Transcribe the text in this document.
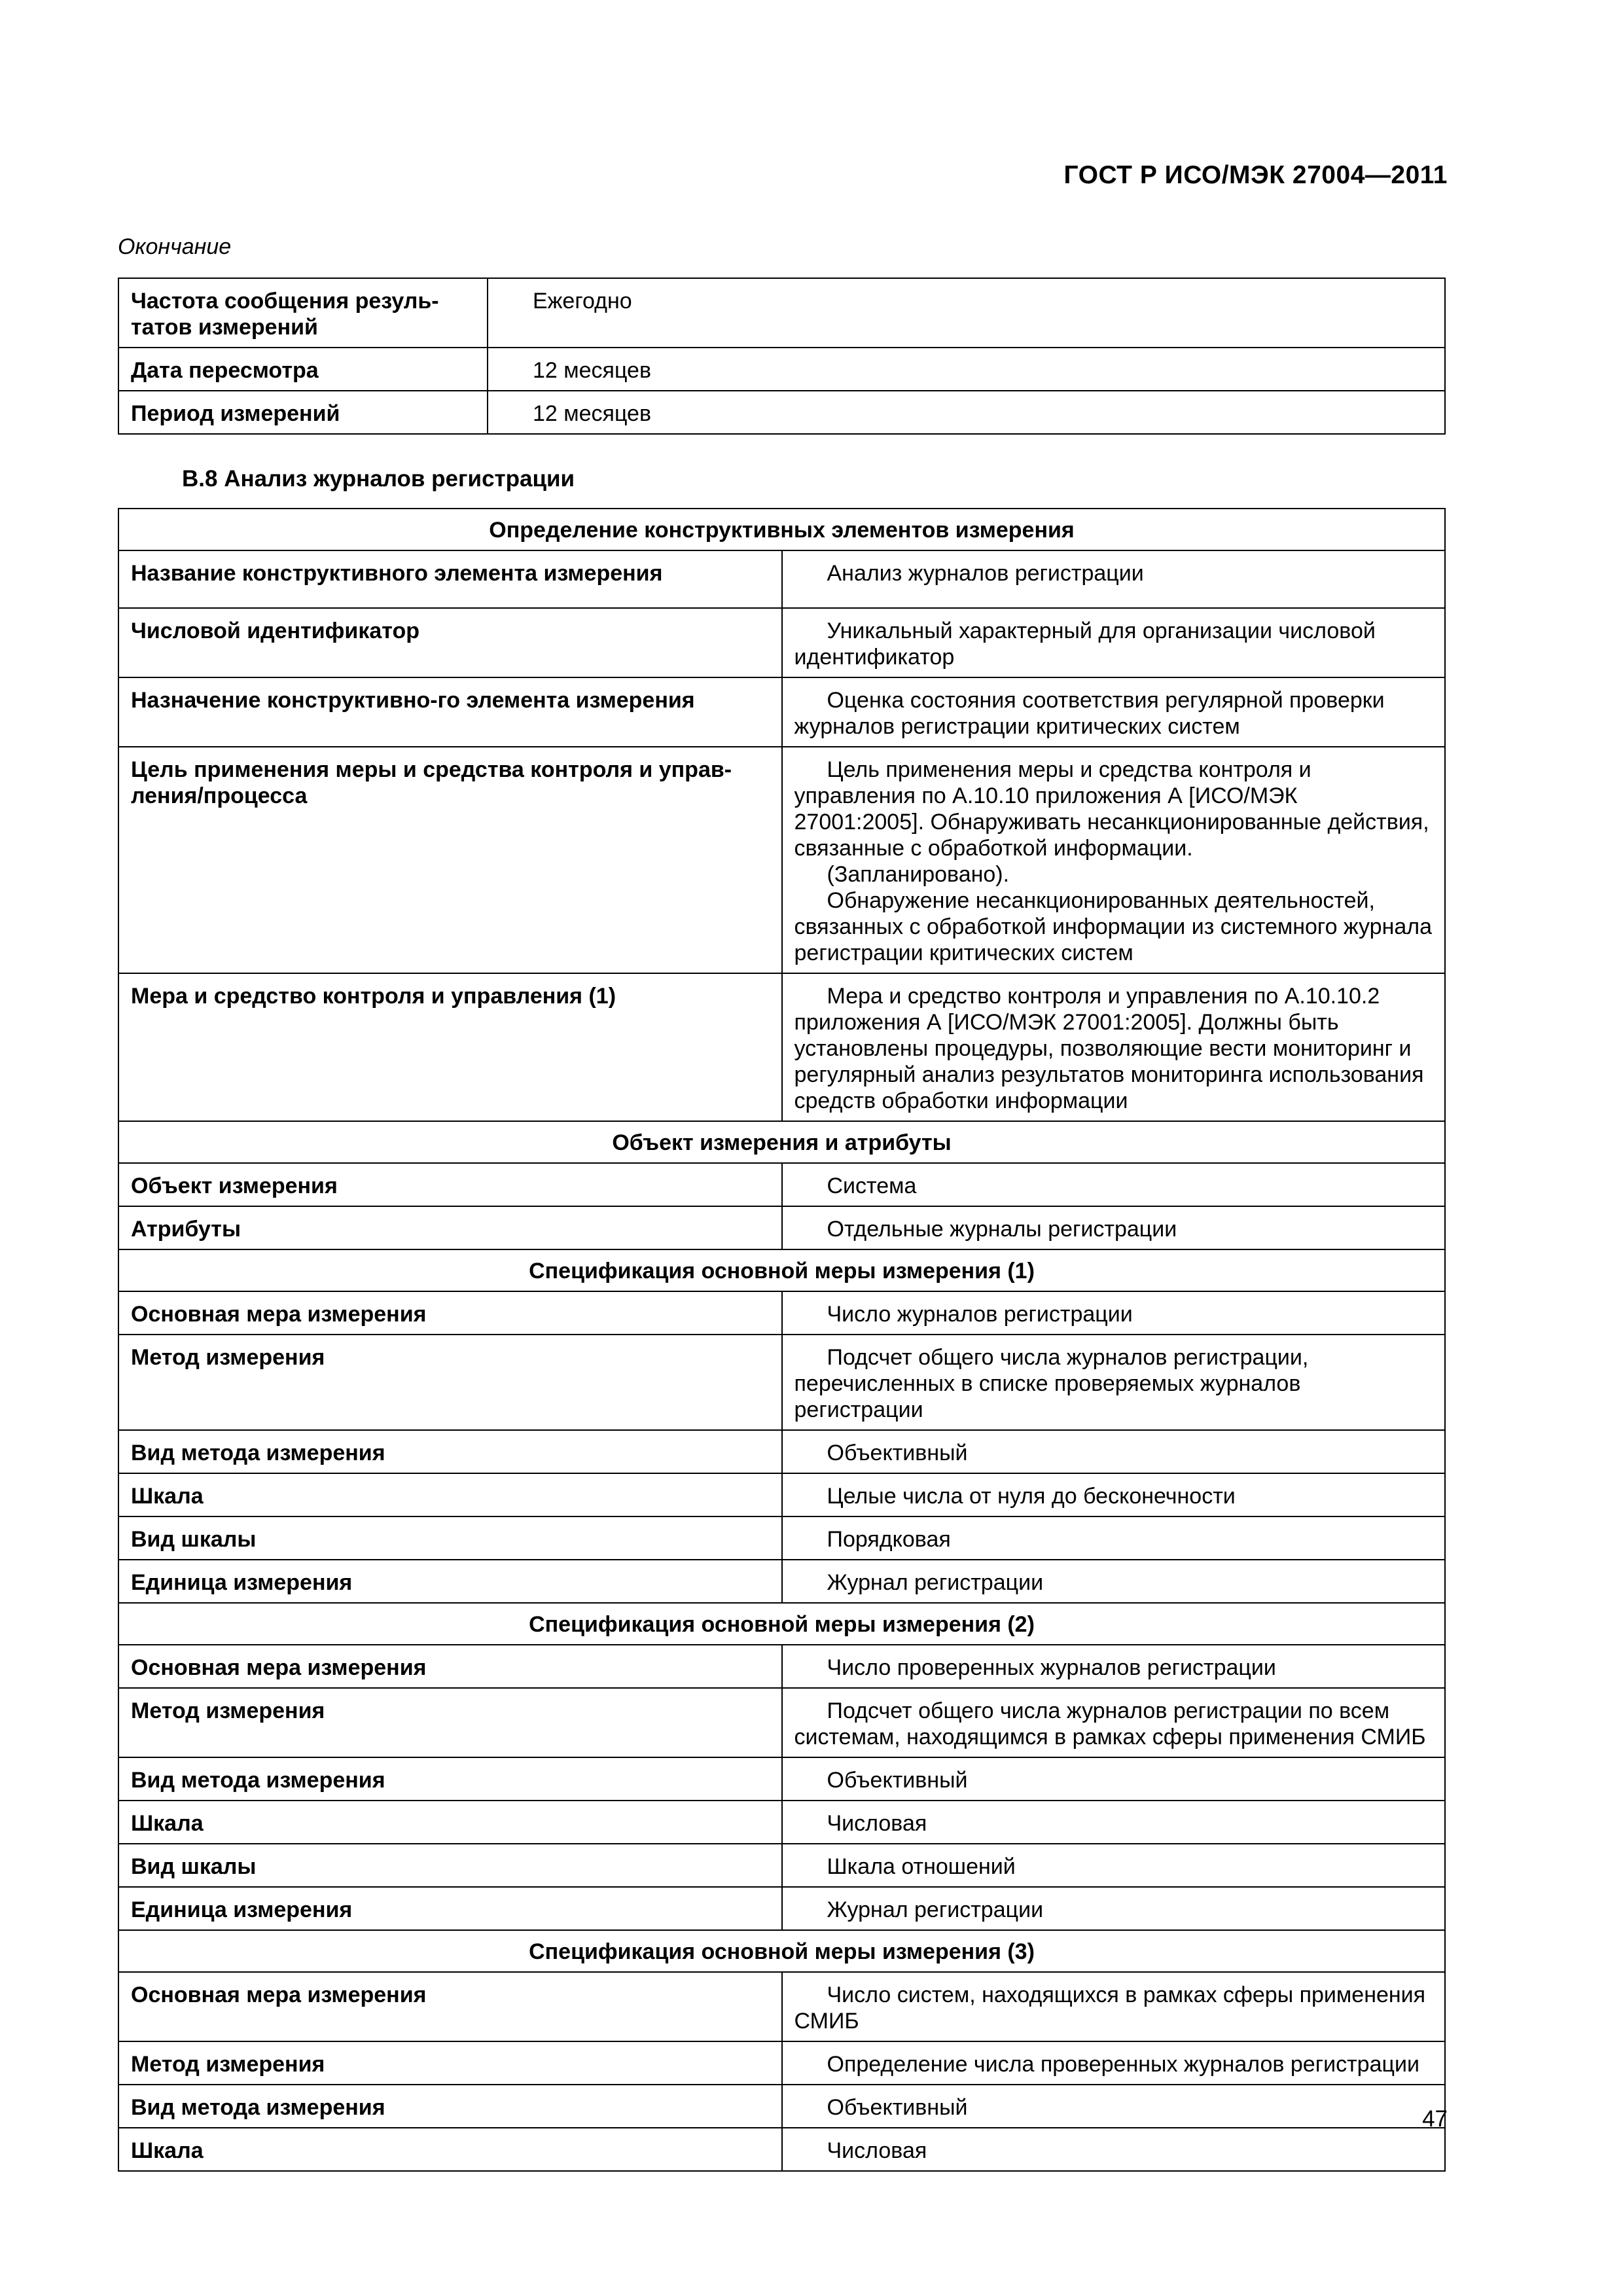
ГОСТ Р ИСО/МЭК 27004—2011
Окончание
Частота сообщения резуль-
татов измерений	Ежегодно
Дата пересмотра	12 месяцев
Период измерений	12 месяцев
B.8 Анализ журналов регистрации
Определение конструктивных элементов измерения	
Название конструктивного элемента измерения	Анализ журналов регистрации
Числовой идентификатор	Уникальный характерный для организации числовой идентификатор
Назначение конструктивно-го элемента измерения	Оценка состояния соответствия регулярной проверки журналов регистрации критических систем
Цель применения меры и средства контроля и управ-ления/процесса	Цель применения меры и средства контроля и управления по А.10.10 приложения А [ИСО/МЭК 27001:2005]. Обнаруживать несанкционированные действия, связанные с обработкой информации.
(Запланировано).
Обнаружение несанкционированных деятельностей, связанных с обработкой информации из системного журнала регистрации критических систем

Мера и средство контроля и управления (1)	Мера и средство контроля и управления по А.10.10.2 приложения А [ИСО/МЭК 27001:2005]. Должны быть установлены процедуры, позволяющие вести мониторинг и регулярный анализ результатов мониторинга использования средств обработки информации
Объект измерения и атрибуты	
Объект измерения	Система
Атрибуты	Отдельные журналы регистрации
Спецификация основной меры измерения (1)	
Основная мера измерения	Число журналов регистрации
Метод измерения	Подсчет общего числа журналов регистрации, перечисленных в списке проверяемых журналов регистрации
Вид метода измерения	Объективный
Шкала	Целые числа от нуля до бесконечности
Вид шкалы	Порядковая
Единица измерения	Журнал регистрации
Спецификация основной меры измерения (2)	
Основная мера измерения	Число проверенных журналов регистрации
Метод измерения	Подсчет общего числа журналов регистрации по всем системам, находящимся в рамках сферы применения СМИБ
Вид метода измерения	Объективный
Шкала	Числовая
Вид шкалы	Шкала отношений
Единица измерения	Журнал регистрации
Спецификация основной меры измерения (3)	
Основная мера измерения	Число систем, находящихся в рамках сферы применения СМИБ
Метод измерения	Определение числа проверенных журналов регистрации
Вид метода измерения	Объективный
Шкала	Числовая
47
